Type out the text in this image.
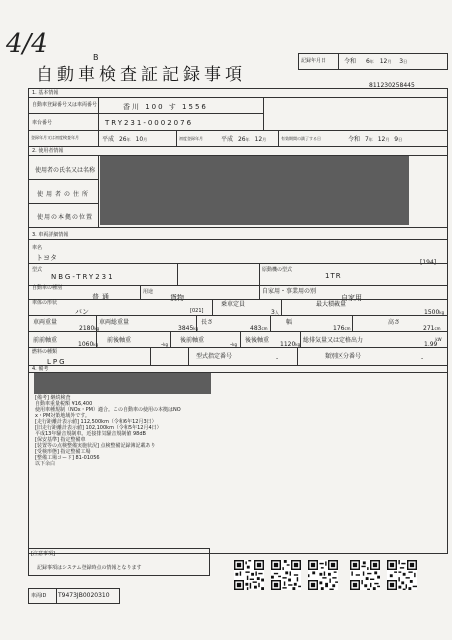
4/4	B
自動車検査証記録事項
記録年月日	令和 6年 12月 3日
811230258445
1. 基本情報
自動車登録番号又は車両番号	香川 100 す 1556
車台番号	TRY231-0002076
登録年月又は初度検査年月	平成 26年 10月	初度登録年月	平成 26年 12月	有効期間の満了する日	令和 7年 12月 9日
2. 使用者情報
使用者の氏名又は名称
使用者の住所
使用の本拠の位置
3. 車両詳細情報
車名
トヨタ
[194]
型式
NBG-TRY231
原動機の型式
1TR
自動車の種別
普通
用途
貨物
自家用・事業用の別
自家用
車体の形状
バン	[021]
乗車定員
3人
最大積載量
1500kg
車両重量
2180kg
車両総重量
3845kg
長さ
483cm
幅
176cm
高さ
271cm
前前軸重
1060kg
前後軸重
-kg
後前軸重
-kg
後後軸重
1120kg
総排気量又は定格出力
$1.99^{kW}$
燃料の種類
LPG
型式指定番号	-	類別区分番号	-
4. 備考
[備考] 継続検査
自動車重量税額 ¥16,400
使用車種規制（NOx・PM）適合。この自動車の使用の本拠はNO
x・PM対策地域外です。
[走行距離計表示値] 112,500km（令和6年12月3日）
[旧走行距離計表示値] 102,100km（令和5年12月4日）
平成13年騒音規制車。近接排気騒音規制値 98dB
[保安基準] 指定整備車
[装置等の点検整備実施状況] 点検整備記録簿記載あり
[受検形態] 指定整備工場
[整備工場コード] 81-01056
以下余白
[注意事項]
記録事項はシステム登録時点の情報となります
車両ID T9473JB0020310
